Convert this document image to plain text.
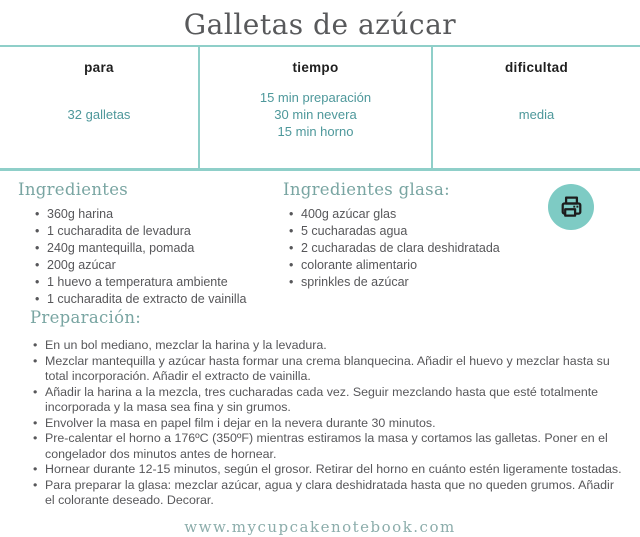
Galletas de azúcar
para
32 galletas
tiempo
15 min preparación
30 min nevera
15 min horno
dificultad
media
Ingredientes
• 360g harina
• 1 cucharadita de levadura
• 240g mantequilla, pomada
• 200g azúcar
• 1 huevo a temperatura ambiente
• 1 cucharadita de extracto de vainilla
Ingredientes glasa:
• 400g azúcar glas
• 5 cucharadas agua
• 2 cucharadas de clara deshidratada
• colorante alimentario
• sprinkles de azúcar
Preparación:
• En un bol mediano, mezclar la harina y la levadura.
• Mezclar mantequilla y azúcar hasta formar una crema blanquecina. Añadir el huevo y mezclar hasta su total incorporación. Añadir el extracto de vainilla.
• Añadir la harina a la mezcla, tres cucharadas cada vez. Seguir mezclando hasta que esté totalmente incorporada y la masa sea fina y sin grumos.
• Envolver la masa en papel film i dejar en la nevera durante 30 minutos.
• Pre-calentar el horno a 176ºC (350ºF) mientras estiramos la masa y cortamos las galletas. Poner en el congelador dos minutos antes de hornear.
• Hornear durante 12-15 minutos, según el grosor. Retirar del horno en cuánto estén ligeramente tostadas.
• Para preparar la glasa: mezclar azúcar, agua y clara deshidratada hasta que no queden grumos. Añadir el colorante deseado. Decorar.
www.mycupcakenotebook.com
